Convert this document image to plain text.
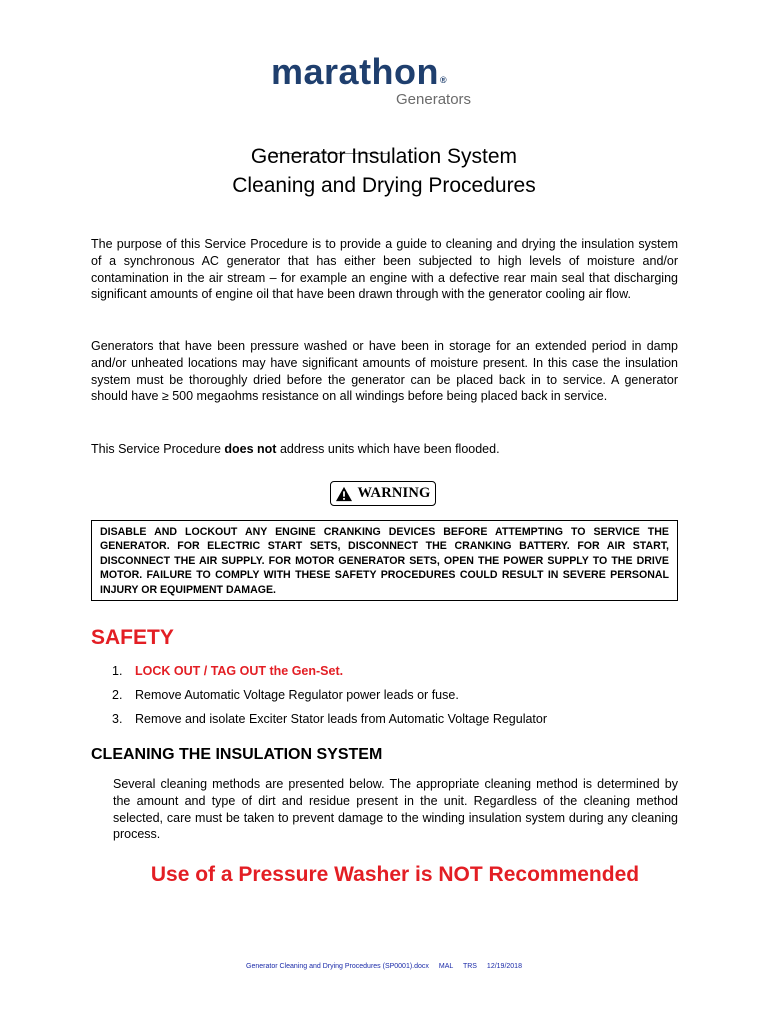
marathon®
Generators
Generator Insulation System
Cleaning and Drying Procedures

The purpose of this Service Procedure is to provide a guide to cleaning and drying the insulation system of a synchronous AC generator that has either been subjected to high levels of moisture and/or contamination in the air stream – for example an engine with a defective rear main seal that discharging significant amounts of engine oil that have been drawn through with the generator cooling air flow.

Generators that have been pressure washed or have been in storage for an extended period in damp and/or unheated locations may have significant amounts of moisture present. In this case the insulation system must be thoroughly dried before the generator can be placed back in to service. A generator should have ≥ 500 megaohms resistance on all windings before being placed back in service.

This Service Procedure does not address units which have been flooded.

WARNING

DISABLE AND LOCKOUT ANY ENGINE CRANKING DEVICES BEFORE ATTEMPTING TO SERVICE THE GENERATOR. FOR ELECTRIC START SETS, DISCONNECT THE CRANKING BATTERY. FOR AIR START, DISCONNECT THE AIR SUPPLY. FOR MOTOR GENERATOR SETS, OPEN THE POWER SUPPLY TO THE DRIVE MOTOR. FAILURE TO COMPLY WITH THESE SAFETY PROCEDURES COULD RESULT IN SEVERE PERSONAL INJURY OR EQUIPMENT DAMAGE.

SAFETY
1.	LOCK OUT / TAG OUT the Gen-Set.
2.	Remove Automatic Voltage Regulator power leads or fuse.
3.	Remove and isolate Exciter Stator leads from Automatic Voltage Regulator
CLEANING THE INSULATION SYSTEM

Several cleaning methods are presented below. The appropriate cleaning method is determined by the amount and type of dirt and residue present in the unit. Regardless of the cleaning method selected, care must be taken to prevent damage to the winding insulation system during any cleaning process.

Use of a Pressure Washer is NOT Recommended
Generator Cleaning and Drying Procedures (SP0001).docx MAL TRS 12/19/2018
